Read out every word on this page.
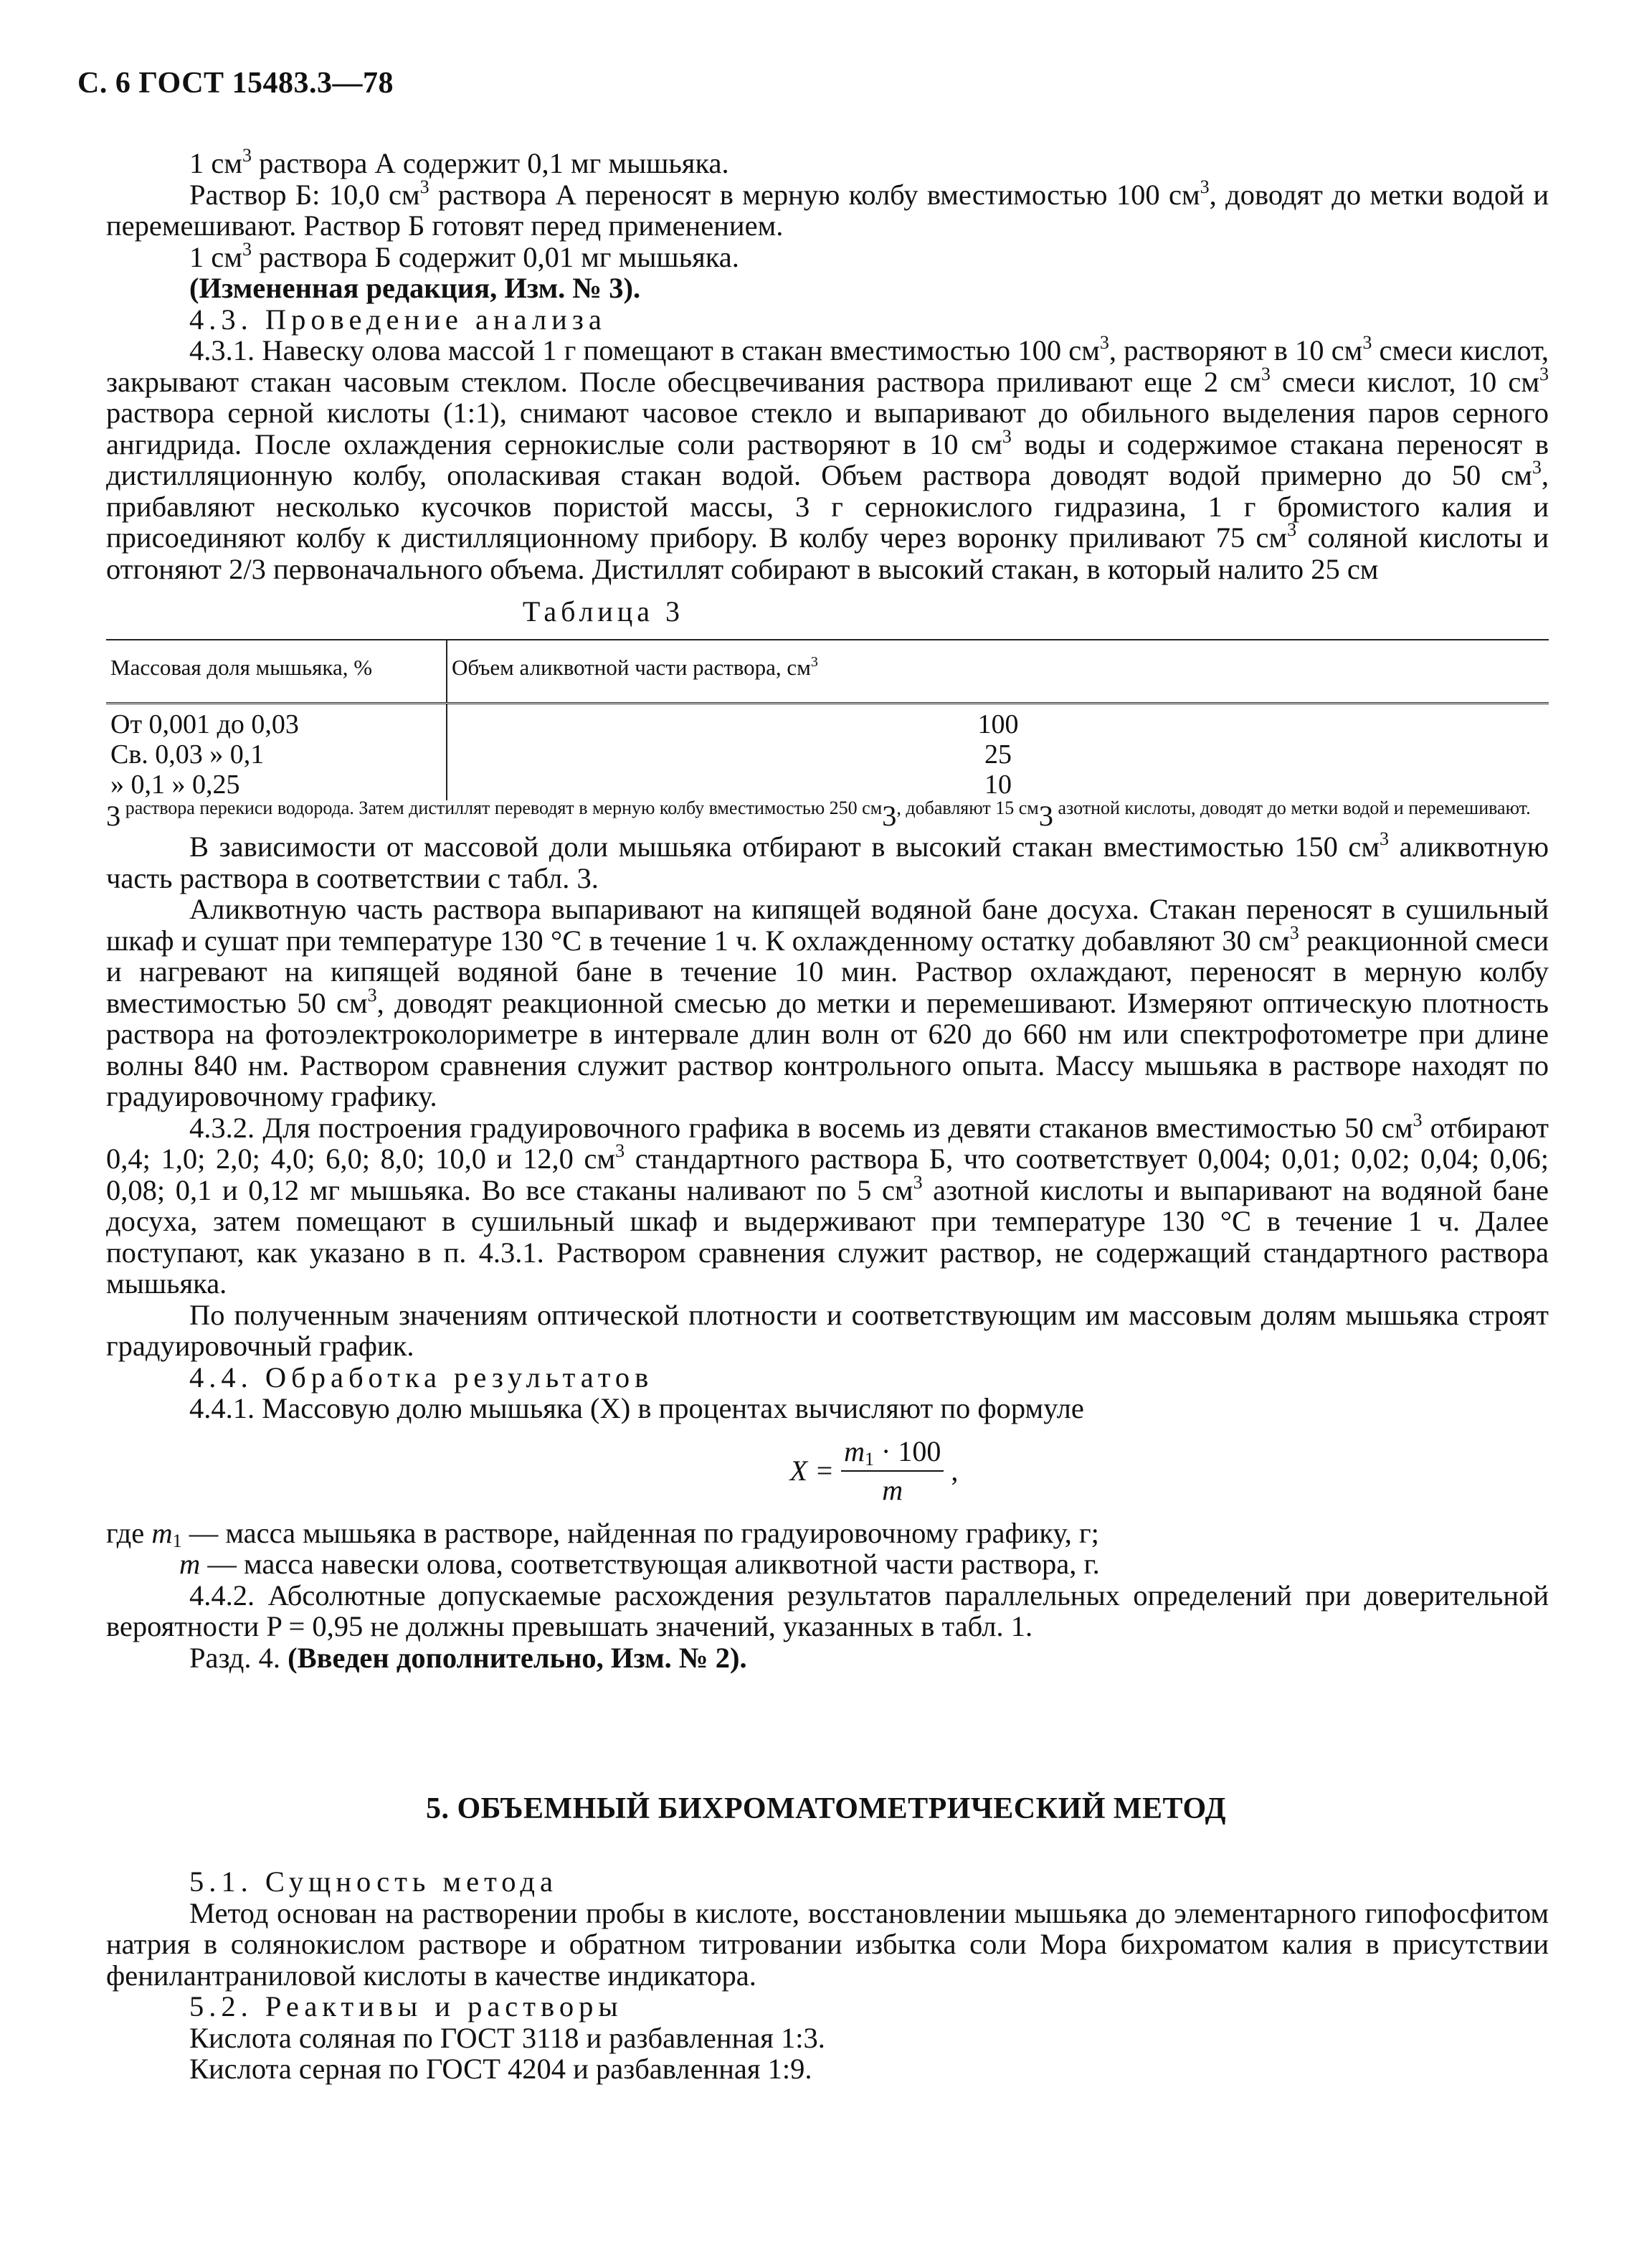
С. 6 ГОСТ 15483.3—78

1 $см^3$ раствора А содержит 0,1 мг мышьяка.

Раствор Б: 10,0 $см^3$ раствора А переносят в мерную колбу вместимостью 100 $см^3$, доводят до метки водой и перемешивают. Раствор Б готовят перед применением.

1 $см^3$ раствора Б содержит 0,01 мг мышьяка.

(Измененная редакция, Изм. № 3).

4.3. Проведение анализа

4.3.1. Навеску олова массой 1 г помещают в стакан вместимостью 100 $см^3$, растворяют в 10 $см^3$ смеси кислот, закрывают стакан часовым стеклом. После обесцвечивания раствора приливают еще 2 $см^3$ смеси кислот, 10 $см^3$ раствора серной кислоты (1:1), снимают часовое стекло и выпаривают до обильного выделения паров серного ангидрида. После охлаждения сернокислые соли растворяют в 10 $см^3$ воды и содержимое стакана переносят в дистилляционную колбу, ополаскивая стакан водой. Объем раствора доводят водой примерно до 50 $см^3$, прибавляют несколько кусочков пористой массы, 3 г сернокислого гидразина, 1 г бромистого калия и присоединяют колбу к дистилляционному прибору. В колбу через воронку приливают 75 $см^3$ соляной кислоты и отгоняют 2/3 первоначального объема. Дистиллят собирают в высокий стакан, в который налито 25 см
Таблица 3

Массовая доля мышьяка, %	Объем аликвотной части раствора, $см^3$
От 0,001 до 0,03	100
Св. 0,03 » 0,1	25
» 0,1 » 0,25	10
3 $^{раствора перекиси водорода. Затем дистиллят переводят в мерную колбу вместимостью 250 см}3^{, добавляют 15 см}3$ $^{азотной кислоты, доводят до метки водой и перемешивают.}$

В зависимости от массовой доли мышьяка отбирают в высокий стакан вместимостью 150 $см^3$ аликвотную часть раствора в соответствии с табл. 3.

Аликвотную часть раствора выпаривают на кипящей водяной бане досуха. Стакан переносят в сушильный шкаф и сушат при температуре 130 °С в течение 1 ч. К охлажденному остатку добавляют 30 $см^3$ реакционной смеси и нагревают на кипящей водяной бане в течение 10 мин. Раствор охлаждают, переносят в мерную колбу вместимостью 50 $см^3$, доводят реакционной смесью до метки и перемешивают. Измеряют оптическую плотность раствора на фотоэлектроколориметре в интервале длин волн от 620 до 660 нм или спектрофотометре при длине волны 840 нм. Раствором сравнения служит раствор контрольного опыта. Массу мышьяка в растворе находят по градуировочному графику.

4.3.2. Для построения градуировочного графика в восемь из девяти стаканов вместимостью 50 $см^3$ отбирают 0,4; 1,0; 2,0; 4,0; 6,0; 8,0; 10,0 и 12,0 $см^3$ стандартного раствора Б, что соответствует 0,004; 0,01; 0,02; 0,04; 0,06; 0,08; 0,1 и 0,12 мг мышьяка. Во все стаканы наливают по 5 $см^3$ азотной кислоты и выпаривают на водяной бане досуха, затем помещают в сушильный шкаф и выдерживают при температуре 130 °С в течение 1 ч. Далее поступают, как указано в п. 4.3.1. Раствором сравнения служит раствор, не содержащий стандартного раствора мышьяка.

По полученным значениям оптической плотности и соответствующим им массовым долям мышьяка строят градуировочный график.

4.4. Обработка результатов

4.4.1. Массовую долю мышьяка (X) в процентах вычисляют по формуле

$X = \frac{m_1 \cdot 100}{m}$ ,

где $m_1$ — масса мышьяка в растворе, найденная по градуировочному графику, г;

m — масса навески олова, соответствующая аликвотной части раствора, г.

4.4.2. Абсолютные допускаемые расхождения результатов параллельных определений при доверительной вероятности P = 0,95 не должны превышать значений, указанных в табл. 1.

Разд. 4. (Введен дополнительно, Изм. № 2).

5. ОБЪЕМНЫЙ БИХРОМАТОМЕТРИЧЕСКИЙ МЕТОД

5.1. Сущность метода

Метод основан на растворении пробы в кислоте, восстановлении мышьяка до элементарного гипофосфитом натрия в солянокислом растворе и обратном титровании избытка соли Мора бихроматом калия в присутствии фенилантраниловой кислоты в качестве индикатора.

5.2. Реактивы и растворы

Кислота соляная по ГОСТ 3118 и разбавленная 1:3.

Кислота серная по ГОСТ 4204 и разбавленная 1:9.
